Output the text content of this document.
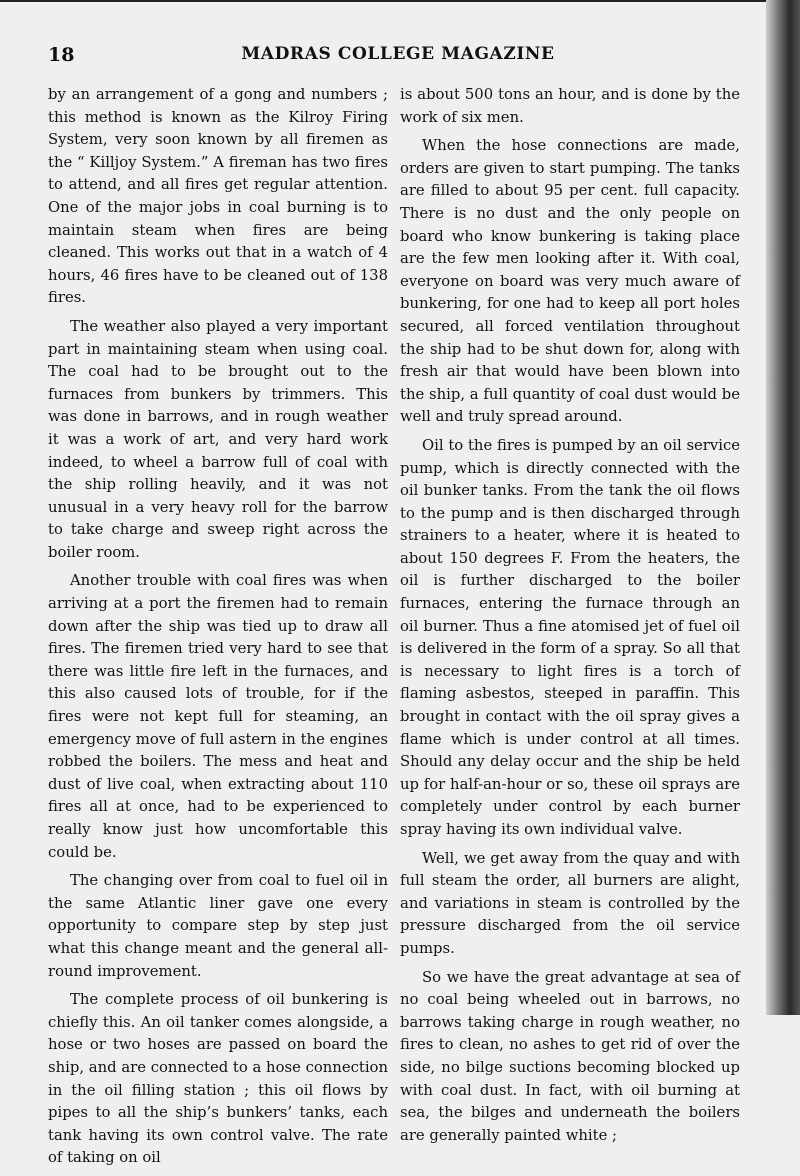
18	MADRAS COLLEGE MAGAZINE

by an arrangement of a gong and numbers ; this method is known as the Kilroy Firing System, very soon known by all firemen as the “ Killjoy System.” A fireman has two fires to attend, and all fires get regular attention. One of the major jobs in coal burning is to maintain steam when fires are being cleaned. This works out that in a watch of 4 hours, 46 fires have to be cleaned out of 138 fires.

The weather also played a very important part in maintaining steam when using coal. The coal had to be brought out to the furnaces from bunkers by trimmers. This was done in barrows, and in rough weather it was a work of art, and very hard work indeed, to wheel a barrow full of coal with the ship rolling heavily, and it was not unusual in a very heavy roll for the barrow to take charge and sweep right across the boiler room.

Another trouble with coal fires was when arriving at a port the firemen had to remain down after the ship was tied up to draw all fires. The firemen tried very hard to see that there was little fire left in the furnaces, and this also caused lots of trouble, for if the fires were not kept full for steaming, an emergency move of full astern in the engines robbed the boilers. The mess and heat and dust of live coal, when extracting about 110 fires all at once, had to be experienced to really know just how uncomfortable this could be.

The changing over from coal to fuel oil in the same Atlantic liner gave one every opportunity to compare step by step just what this change meant and the general all-round improvement.

The complete process of oil bunkering is chiefly this. An oil tanker comes alongside, a hose or two hoses are passed on board the ship, and are connected to a hose connection in the oil filling station ; this oil flows by pipes to all the ship’s bunkers’ tanks, each tank having its own control valve. The rate of taking on oil

is about 500 tons an hour, and is done by the work of six men.

When the hose connections are made, orders are given to start pumping. The tanks are filled to about 95 per cent. full capacity. There is no dust and the only people on board who know bunkering is taking place are the few men looking after it. With coal, everyone on board was very much aware of bunkering, for one had to keep all port holes secured, all forced ventilation throughout the ship had to be shut down for, along with fresh air that would have been blown into the ship, a full quantity of coal dust would be well and truly spread around.

Oil to the fires is pumped by an oil service pump, which is directly connected with the oil bunker tanks. From the tank the oil flows to the pump and is then discharged through strainers to a heater, where it is heated to about 150 degrees F. From the heaters, the oil is further discharged to the boiler furnaces, entering the furnace through an oil burner. Thus a fine atomised jet of fuel oil is delivered in the form of a spray. So all that is necessary to light fires is a torch of flaming asbestos, steeped in paraffin. This brought in contact with the oil spray gives a flame which is under control at all times. Should any delay occur and the ship be held up for half-an-hour or so, these oil sprays are completely under control by each burner spray having its own individual valve.

Well, we get away from the quay and with full steam the order, all burners are alight, and variations in steam is controlled by the pressure discharged from the oil service pumps.

So we have the great advantage at sea of no coal being wheeled out in barrows, no barrows taking charge in rough weather, no fires to clean, no ashes to get rid of over the side, no bilge suctions becoming blocked up with coal dust. In fact, with oil burning at sea, the bilges and underneath the boilers are generally painted white ;
